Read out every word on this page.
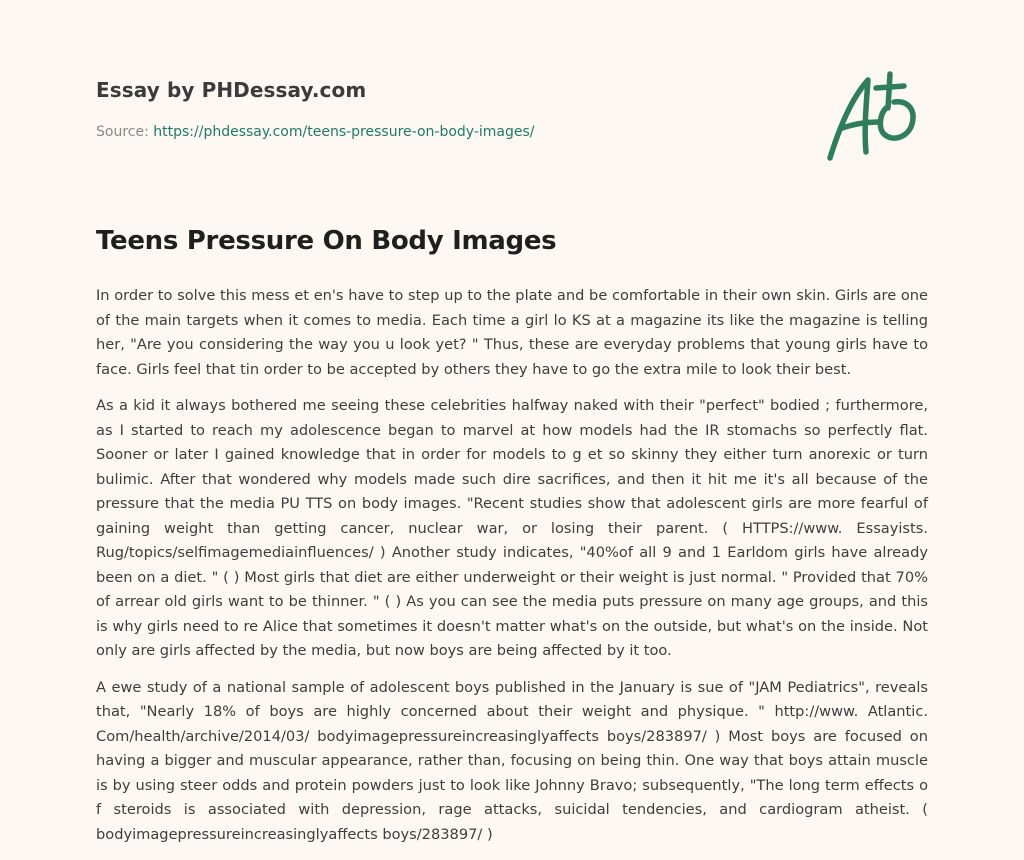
Essay by PHDessay.com
Source: https://phdessay.com/teens-pressure-on-body-images/
Teens Pressure On Body Images

In order to solve this mess et en's have to step up to the plate and be comfortable in their own skin. Girls are one of the main targets when it comes to media. Each time a girl lo KS at a magazine its like the magazine is telling her, "Are you considering the way you u look yet? " Thus, these are everyday problems that young girls have to face. Girls feel that tin order to be accepted by others they have to go the extra mile to look their best.

As a kid it always bothered me seeing these celebrities halfway naked with their "perfect" bodied ; furthermore, as I started to reach my adolescence began to marvel at how models had the IR stomachs so perfectly flat. Sooner or later I gained knowledge that in order for models to g et so skinny they either turn anorexic or turn bulimic. After that wondered why models made such dire sacrifices, and then it hit me it's all because of the pressure that the media PU TTS on body images. "Recent studies show that adolescent girls are more fearful of gaining weight than getting cancer, nuclear war, or losing their parent. ( HTTPS://www. Essayists. Rug/topics/selfimagemediainfluences/ ) Another study indicates, "40%of all 9 and 1 Earldom girls have already been on a diet. " ( ) Most girls that diet are either underweight or their weight is just normal. " Provided that 70% of arrear old girls want to be thinner. " ( ) As you can see the media puts pressure on many age groups, and this is why girls need to re Alice that sometimes it doesn't matter what's on the outside, but what's on the inside. Not only are girls affected by the media, but now boys are being affected by it too.

A ewe study of a national sample of adolescent boys published in the January is sue of "JAM Pediatrics", reveals that, "Nearly 18% of boys are highly concerned about their weight and physique. " http://www. Atlantic. Com/health/archive/2014/03/ bodyimagepressureincreasinglyaffects boys/283897/ ) Most boys are focused on having a bigger and muscular appearance, rather than, focusing on being thin. One way that boys attain muscle is by using steer odds and protein powders just to look like Johnny Bravo; subsequently, "The long term effects o f steroids is associated with depression, rage attacks, suicidal tendencies, and cardiogram atheist. ( bodyimagepressureincreasinglyaffects boys/283897/ )
